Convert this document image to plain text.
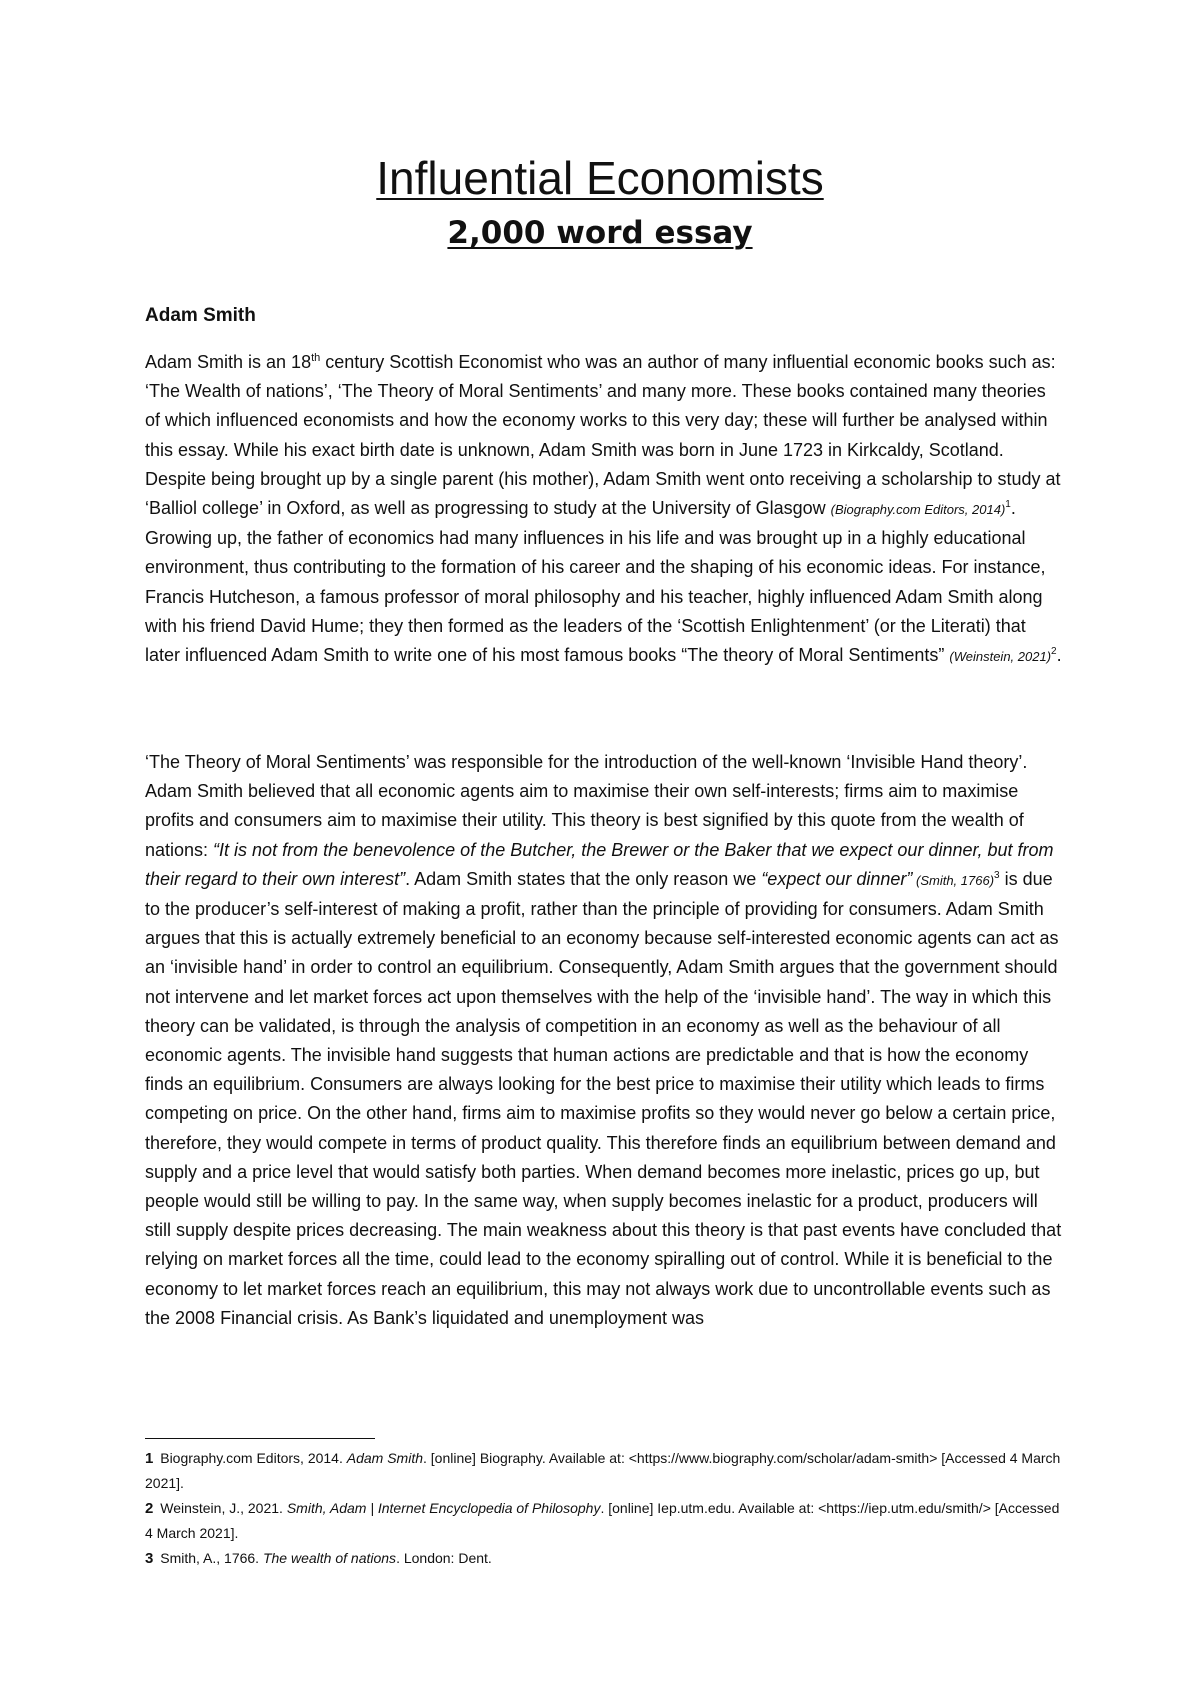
Influential Economists
2,000 word essay
Adam Smith

Adam Smith is an 18th century Scottish Economist who was an author of many influential economic books such as: ‘The Wealth of nations’, ‘The Theory of Moral Sentiments’ and many more. These books contained many theories of which influenced economists and how the economy works to this very day; these will further be analysed within this essay. While his exact birth date is unknown, Adam Smith was born in June 1723 in Kirkcaldy, Scotland. Despite being brought up by a single parent (his mother), Adam Smith went onto receiving a scholarship to study at ‘Balliol college’ in Oxford, as well as progressing to study at the University of Glasgow (Biography.com Editors, 2014)$^1$. Growing up, the father of economics had many influences in his life and was brought up in a highly educational environment, thus contributing to the formation of his career and the shaping of his economic ideas. For instance, Francis Hutcheson, a famous professor of moral philosophy and his teacher, highly influenced Adam Smith along with his friend David Hume; they then formed as the leaders of the ‘Scottish Enlightenment’ (or the Literati) that later influenced Adam Smith to write one of his most famous books “The theory of Moral Sentiments” (Weinstein, 2021)$^2$.

‘The Theory of Moral Sentiments’ was responsible for the introduction of the well-known ‘Invisible Hand theory’. Adam Smith believed that all economic agents aim to maximise their own self-interests; firms aim to maximise profits and consumers aim to maximise their utility. This theory is best signified by this quote from the wealth of nations: “It is not from the benevolence of the Butcher, the Brewer or the Baker that we expect our dinner, but from their regard to their own interest”. Adam Smith states that the only reason we “expect our dinner” (Smith, 1766)$^3$ is due to the producer’s self-interest of making a profit, rather than the principle of providing for consumers. Adam Smith argues that this is actually extremely beneficial to an economy because self-interested economic agents can act as an ‘invisible hand’ in order to control an equilibrium. Consequently, Adam Smith argues that the government should not intervene and let market forces act upon themselves with the help of the ‘invisible hand’. The way in which this theory can be validated, is through the analysis of competition in an economy as well as the behaviour of all economic agents. The invisible hand suggests that human actions are predictable and that is how the economy finds an equilibrium. Consumers are always looking for the best price to maximise their utility which leads to firms competing on price. On the other hand, firms aim to maximise profits so they would never go below a certain price, therefore, they would compete in terms of product quality. This therefore finds an equilibrium between demand and supply and a price level that would satisfy both parties. When demand becomes more inelastic, prices go up, but people would still be willing to pay. In the same way, when supply becomes inelastic for a product, producers will still supply despite prices decreasing. The main weakness about this theory is that past events have concluded that relying on market forces all the time, could lead to the economy spiralling out of control. While it is beneficial to the economy to let market forces reach an equilibrium, this may not always work due to uncontrollable events such as the 2008 Financial crisis. As Bank’s liquidated and unemployment was

1 Biography.com Editors, 2014. Adam Smith. [online] Biography. Available at: <https://www.biography.com/scholar/adam-smith> [Accessed 4 March 2021].

2 Weinstein, J., 2021. Smith, Adam | Internet Encyclopedia of Philosophy. [online] Iep.utm.edu. Available at: <https://iep.utm.edu/smith/> [Accessed 4 March 2021].

3 Smith, A., 1766. The wealth of nations. London: Dent.
